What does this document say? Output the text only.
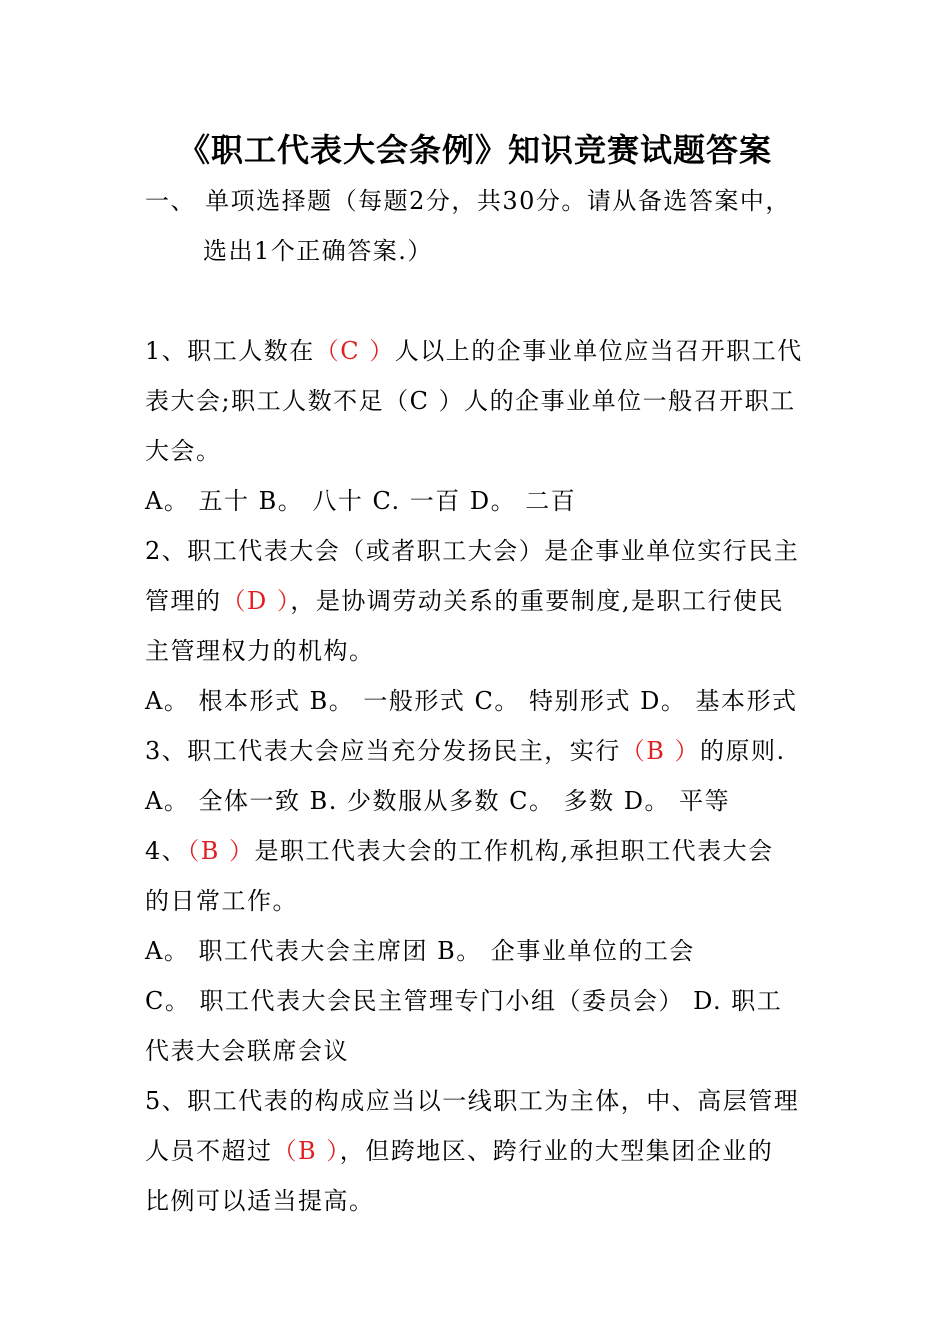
《职工代表大会条例》知识竞赛试题答案
一、 单项选择题（每题2分，共30分。请从备选答案中，
选出1个正确答案.）
1、职工人数在（C ）人以上的企事业单位应当召开职工代
表大会;职工人数不足（C ）人的企事业单位一般召开职工
大会。
A。 五十 B。 八十 C. 一百 D。 二百
2、职工代表大会（或者职工大会）是企事业单位实行民主
管理的（D ），是协调劳动关系的重要制度,是职工行使民
主管理权力的机构。
A。 根本形式 B。 一般形式 C。 特别形式 D。 基本形式
3、职工代表大会应当充分发扬民主，实行（B ）的原则.
A。 全体一致 B. 少数服从多数 C。 多数 D。 平等
4、（B ）是职工代表大会的工作机构,承担职工代表大会
的日常工作。
A。 职工代表大会主席团 B。 企事业单位的工会
C。 职工代表大会民主管理专门小组（委员会） D. 职工
代表大会联席会议
5、职工代表的构成应当以一线职工为主体，中、高层管理
人员不超过（B ），但跨地区、跨行业的大型集团企业的
比例可以适当提高。
